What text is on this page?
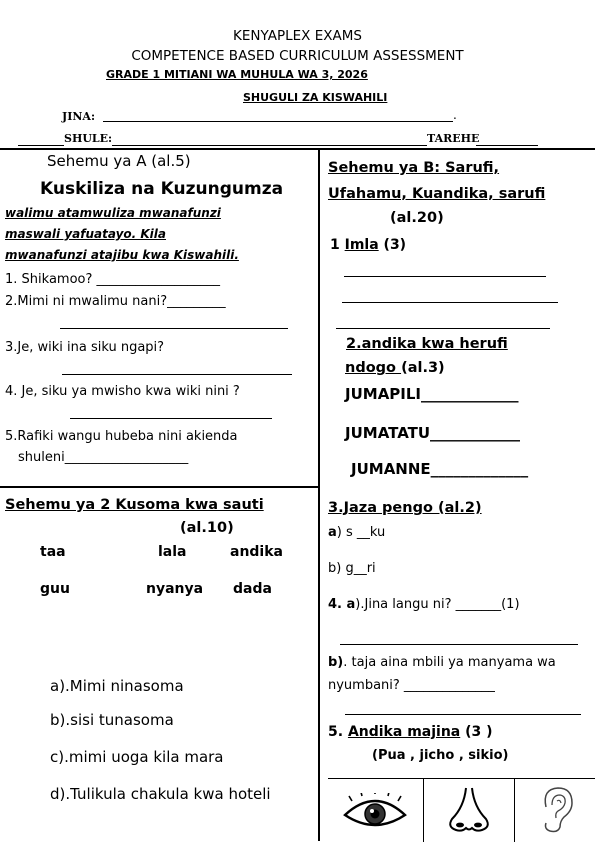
KENYAPLEX EXAMS
COMPETENCE BASED CURRICULUM ASSESSMENT
GRADE 1 MITIANI WA MUHULA WA 3, 2026
SHUGULI ZA KISWAHILI
JINA:	.
SHULE:	TAREHE
Sehemu ya A (al.5)
Kuskiliza na Kuzungumza
walimu atamwuliza mwanafunzi
maswali yafuatayo. Kila
mwanafunzi atajibu kwa Kiswahili.
1. Shikamoo? ___________________
2.Mimi ni mwalimu nani?_________
3.Je, wiki ina siku ngapi?
4. Je, siku ya mwisho kwa wiki nini ?
5.Rafiki wangu hubeba nini akienda
shuleni___________________
Sehemu ya 2 Kusoma kwa sauti
(al.10)
taa	lala	andika
guu	nyanya dada
a).Mimi ninasoma
b).sisi tunasoma
c).mimi uoga kila mara
d).Tulikula chakula kwa hoteli
Sehemu ya B: Sarufi,
Ufahamu, Kuandika, sarufi
(al.20)
1 Imla (3)
2.andika kwa herufi
ndogo (al.3)
JUMAPILI_____________
JUMATATU____________
JUMANNE_____________
3.Jaza pengo (al.2)
a) s __ku
b) g__ri
4. a).Jina langu ni? _______(1)
b). taja aina mbili ya manyama wa
nyumbani? ______________
5. Andika majina (3 )
(Pua , jicho , sikio)
